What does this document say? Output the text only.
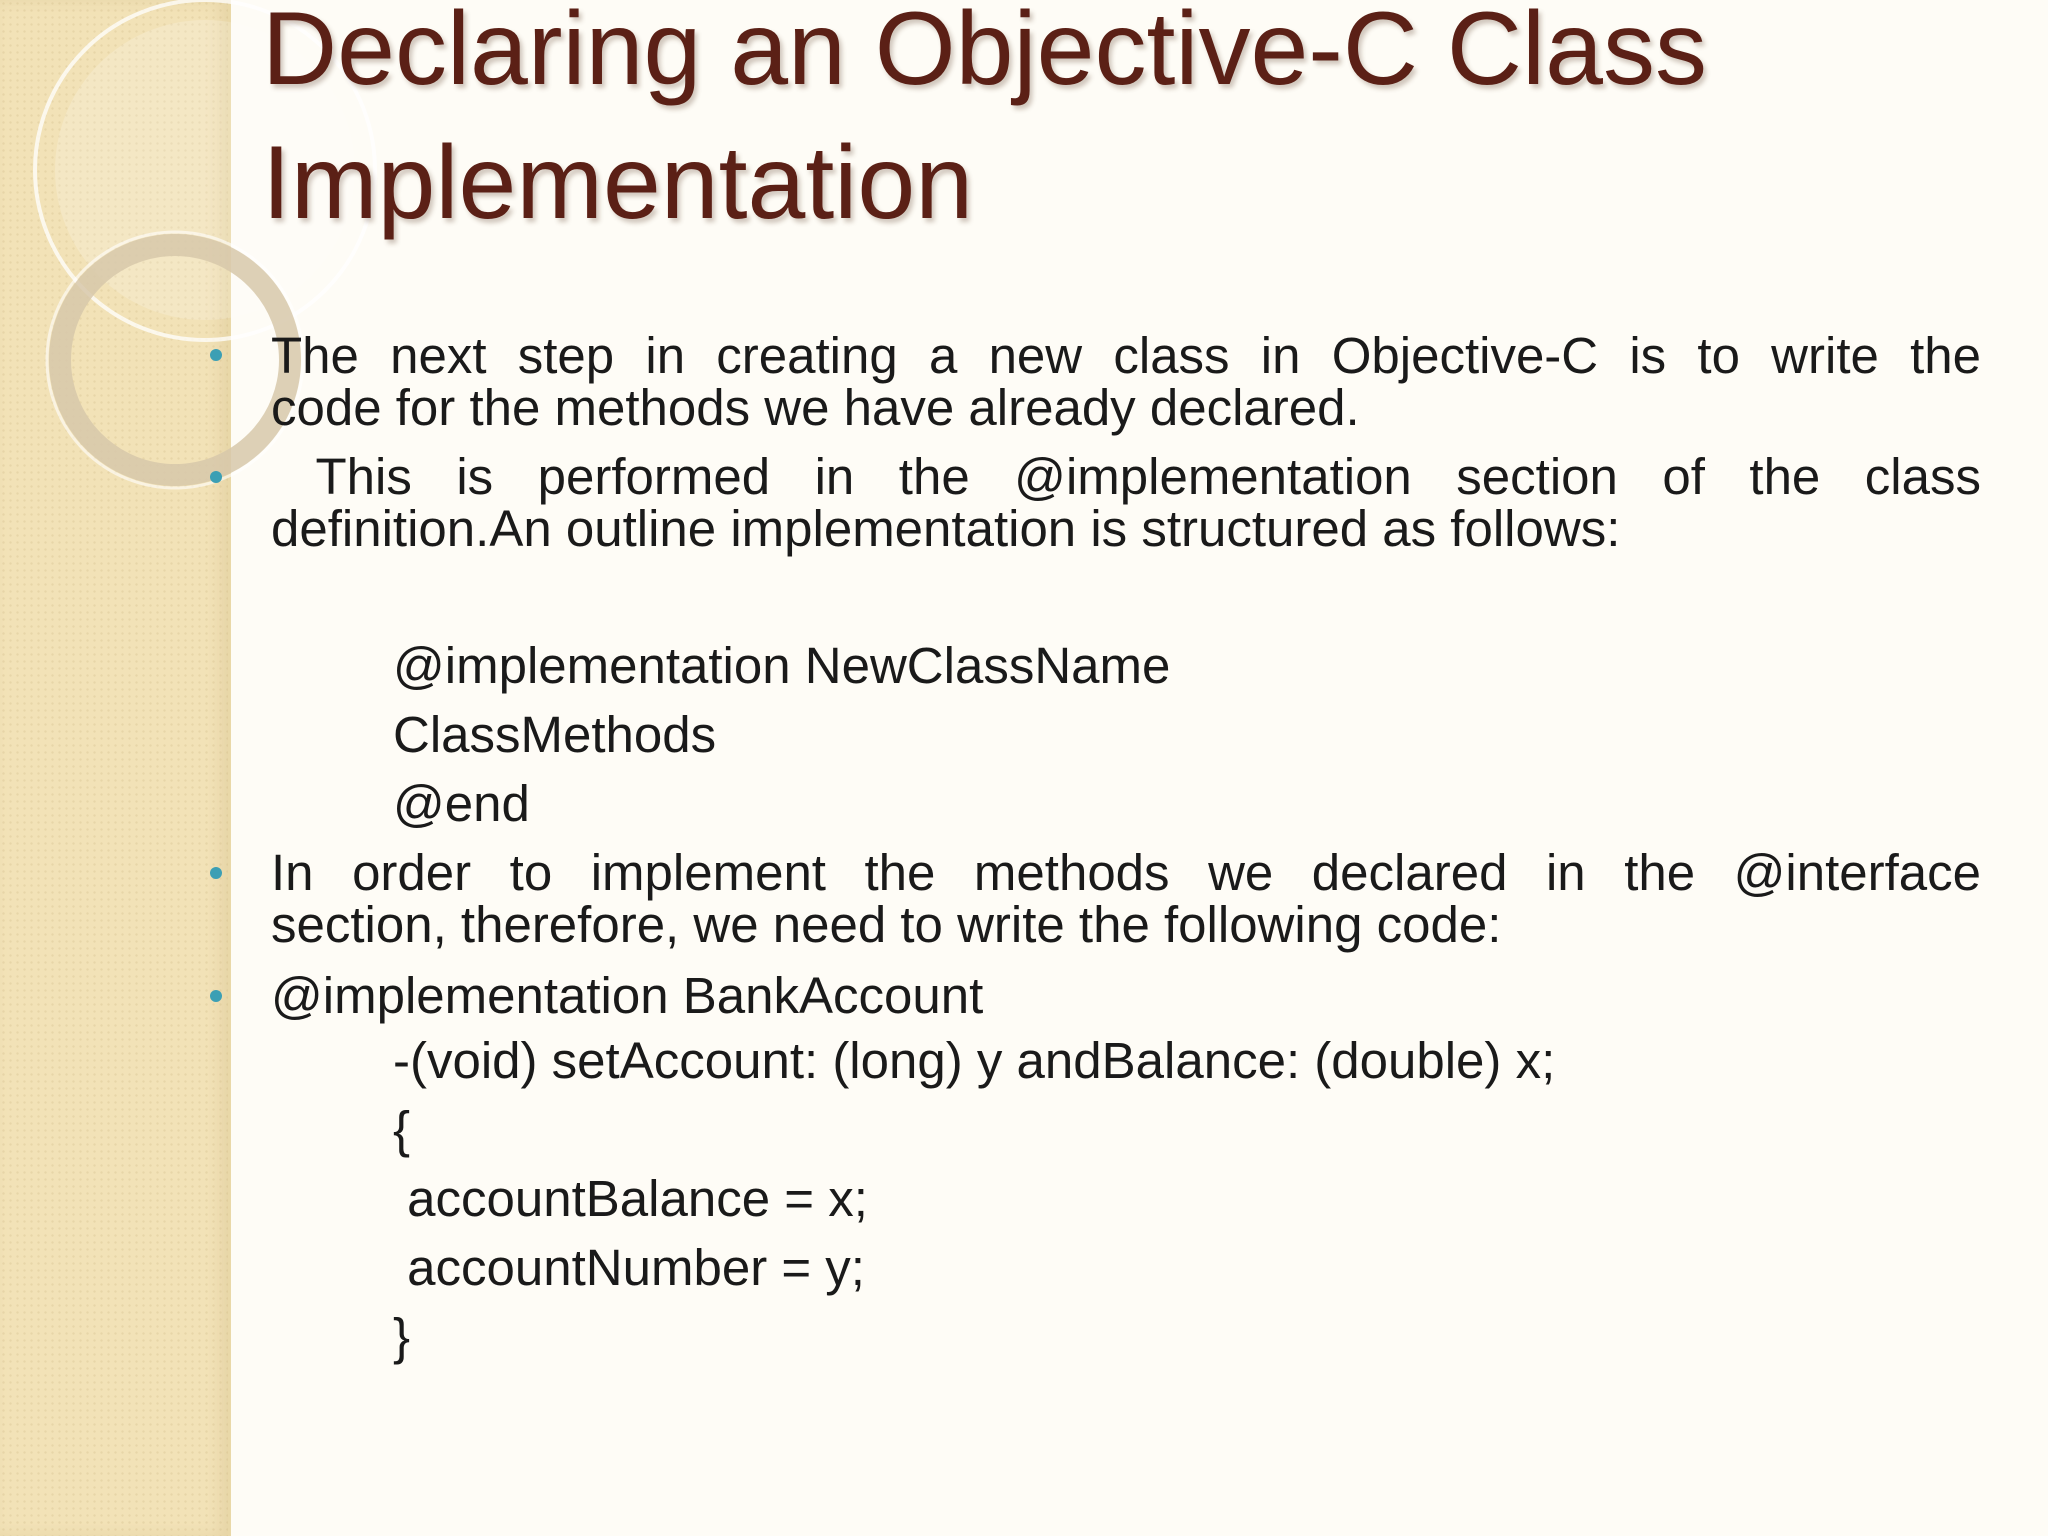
Declaring an Objective-C Class
Implementation
The next step in creating a new class in Objective-C is to write the
code for the methods we have already declared.
This is performed in the @implementation section of the class
definition.An outline implementation is structured as follows:
@implementation NewClassName
ClassMethods
@end
In order to implement the methods we declared in the @interface
section, therefore, we need to write the following code:
@implementation BankAccount
-(void) setAccount: (long) y andBalance: (double) x;
{
accountBalance = x;
accountNumber = y;
}
